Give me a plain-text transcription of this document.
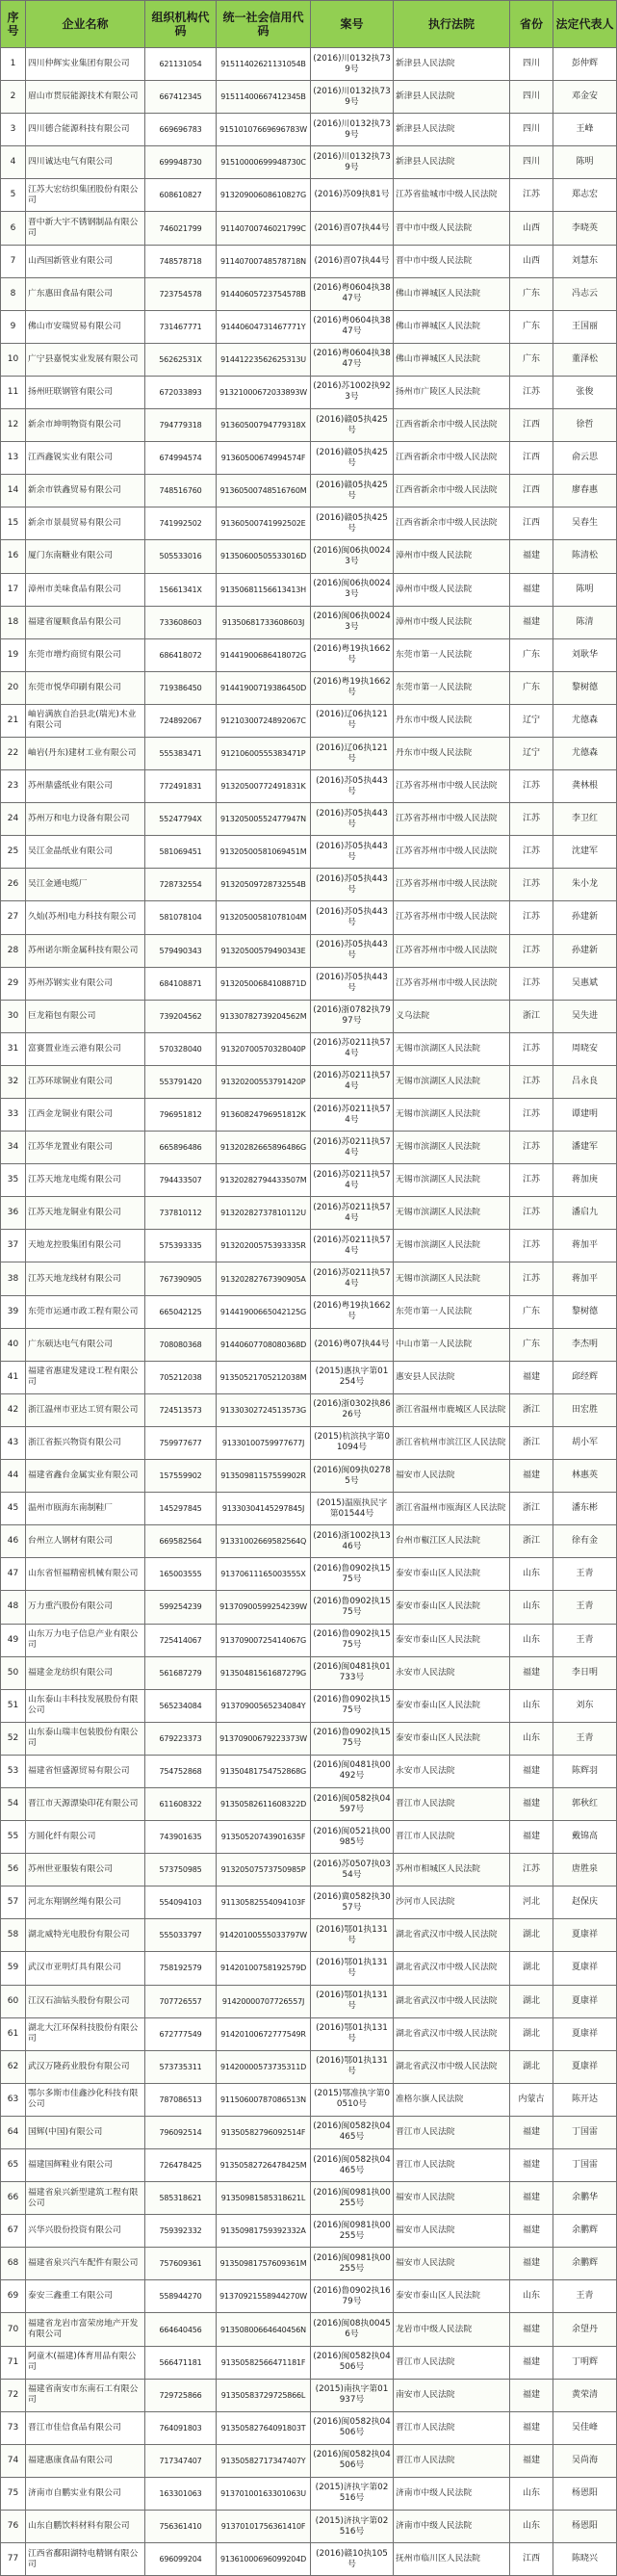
序号	企业名称	组织机构代码	统一社会信用代码	案号	执行法院	省份	法定代表人
1	四川仲辉实业集团有限公司	621131054	91511402621131054B	(2016)川0132执739号	新津县人民法院	四川	彭仲辉
2	眉山市贯辰能源技术有限公司	667412345	91511400667412345B	(2016)川0132执739号	新津县人民法院	四川	邓金安
3	四川德合能源科技有限公司	669696783	91510107669696783W	(2016)川0132执739号	新津县人民法院	四川	王峰
4	四川诚达电气有限公司	699948730	91510000699948730C	(2016)川0132执739号	新津县人民法院	四川	陈明
5	江苏大宏纺织集团股份有限公司	608610827	91320900608610827G	(2016)苏09执81号	江苏省盐城市中级人民法院	江苏	郑志宏
6	晋中新大宇不锈钢制品有限公司	746021799	91140700746021799C	(2016)晋07执44号	晋中市中级人民法院	山西	李晓英
7	山西国新管业有限公司	748578718	91140700748578718N	(2016)晋07执44号	晋中市中级人民法院	山西	刘慧东
8	广东惠田食品有限公司	723754578	91440605723754578B	(2016)粤0604执3847号	佛山市禅城区人民法院	广东	冯志云
9	佛山市安瑞贸易有限公司	731467771	91440604731467771Y	(2016)粤0604执3847号	佛山市禅城区人民法院	广东	王国丽
10	广宁县嘉悦实业发展有限公司	56262531X	91441223562625313U	(2016)粤0604执3847号	佛山市禅城区人民法院	广东	董泽松
11	扬州旺联钢管有限公司	672033893	91321000672033893W	(2016)苏1002执923号	扬州市广陵区人民法院	江苏	张俊
12	新余市坤明物资有限公司	794779318	91360500794779318X	(2016)赣05执425号	江西省新余市中级人民法院	江西	徐哲
13	江西鑫锐实业有限公司	674994574	91360500674994574F	(2016)赣05执425号	江西省新余市中级人民法院	江西	俞云思
14	新余市铁鑫贸易有限公司	748516760	91360500748516760M	(2016)赣05执425号	江西省新余市中级人民法院	江西	廖春惠
15	新余市景晨贸易有限公司	741992502	91360500741992502E	(2016)赣05执425号	江西省新余市中级人民法院	江西	吴春生
16	厦门东南糖业有限公司	505533016	91350600505533016D	(2016)闽06执00243号	漳州市中级人民法院	福建	陈清松
17	漳州市美味食品有限公司	15661341X	91350681156613413H	(2016)闽06执00243号	漳州市中级人民法院	福建	陈明
18	福建省厦顺食品有限公司	733608603	91350681733608603J	(2016)闽06执00243号	漳州市中级人民法院	福建	陈清
19	东莞市增灼商贸有限公司	686418072	91441900686418072G	(2016)粤19执1662号	东莞市第一人民法院	广东	刘耿华
20	东莞市悦华印刷有限公司	719386450	91441900719386450D	(2016)粤19执1662号	东莞市第一人民法院	广东	黎树德
21	岫岩满族自治县北(瑞光)木业有限公司	724892067	91210300724892067C	(2016)辽06执121号	丹东市中级人民法院	辽宁	尤德森
22	岫岩(丹东)建材工业有限公司	555383471	91210600555383471P	(2016)辽06执121号	丹东市中级人民法院	辽宁	尤德森
23	苏州鼎盛纸业有限公司	772491831	91320500772491831K	(2016)苏05执443号	江苏省苏州市中级人民法院	江苏	龚林根
24	苏州万和电力设备有限公司	55247794X	91320500552477947N	(2016)苏05执443号	江苏省苏州市中级人民法院	江苏	李卫红
25	吴江金晶纸业有限公司	581069451	91320500581069451M	(2016)苏05执443号	江苏省苏州市中级人民法院	江苏	沈建军
26	吴江金通电缆厂	728732554	91320509728732554B	(2016)苏05执443号	江苏省苏州市中级人民法院	江苏	朱小龙
27	久灿(苏州)电力科技有限公司	581078104	91320500581078104M	(2016)苏05执443号	江苏省苏州市中级人民法院	江苏	孙建新
28	苏州诺尔斯金属科技有限公司	579490343	91320500579490343E	(2016)苏05执443号	江苏省苏州市中级人民法院	江苏	孙建新
29	苏州苏钢实业有限公司	684108871	91320500684108871D	(2016)苏05执443号	江苏省苏州市中级人民法院	江苏	吴惠斌
30	巨龙箱包有限公司	739204562	91330782739204562M	(2016)浙0782执7997号	义乌法院	浙江	吴失进
31	富赛置业连云港有限公司	570328040	91320700570328040P	(2016)苏0211执574号	无锡市滨湖区人民法院	江苏	周晓安
32	江苏环球铜业有限公司	553791420	91320200553791420P	(2016)苏0211执574号	无锡市滨湖区人民法院	江苏	吕永良
33	江西金龙铜业有限公司	796951812	91360824796951812K	(2016)苏0211执574号	无锡市滨湖区人民法院	江苏	谭建明
34	江苏华龙置业有限公司	665896486	91320282665896486G	(2016)苏0211执574号	无锡市滨湖区人民法院	江苏	潘建军
35	江苏天地龙电缆有限公司	794433507	91320282794433507M	(2016)苏0211执574号	无锡市滨湖区人民法院	江苏	蒋加庚
36	江苏天地龙铜业有限公司	737810112	91320282737810112U	(2016)苏0211执574号	无锡市滨湖区人民法院	江苏	潘启九
37	天地龙控股集团有限公司	575393335	91320200575393335R	(2016)苏0211执574号	无锡市滨湖区人民法院	江苏	蒋加平
38	江苏天地龙线材有限公司	767390905	91320282767390905A	(2016)苏0211执574号	无锡市滨湖区人民法院	江苏	蒋加平
39	东莞市运通市政工程有限公司	665042125	91441900665042125G	(2016)粤19执1662号	东莞市第一人民法院	广东	黎树德
40	广东硕达电气有限公司	708080368	91440607708080368D	(2016)粤07执44号	中山市第一人民法院	广东	李杰明
41	福建省惠建发建设工程有限公司	705212038	91350521705212038M	(2015)惠执字第01254号	惠安县人民法院	福建	邱经辉
42	浙江温州市亚达工贸有限公司	724513573	91330302724513573G	(2016)浙0302执8626号	浙江省温州市鹿城区人民法院	浙江	田宏胜
43	浙江省振兴物资有限公司	759977677	91330100759977677J	(2015)杭滨执字第01094号	浙江省杭州市滨江区人民法院	浙江	胡小军
44	福建省鑫台金属实业有限公司	157559902	91350981157559902R	(2016)闽09执02785号	福安市人民法院	福建	林惠英
45	温州市瓯海东南制鞋厂	145297845	91330304145297845J	(2015)温瓯执民字第01544号	浙江省温州市瓯海区人民法院	浙江	潘东彬
46	台州立人钢材有限公司	669582564	91331002669582564Q	(2016)浙1002执1346号	台州市椒江区人民法院	浙江	徐有金
47	山东省恒福精密机械有限公司	165003555	91370611165003555X	(2016)鲁0902执1575号	泰安市泰山区人民法院	山东	王青
48	万力重汽股份有限公司	599254239	91370900599254239W	(2016)鲁0902执1575号	泰安市泰山区人民法院	山东	王青
49	山东万力电子信息产业有限公司	725414067	91370900725414067G	(2016)鲁0902执1575号	泰安市泰山区人民法院	山东	王青
50	福建金龙纺织有限公司	561687279	91350481561687279G	(2016)闽0481执01733号	永安市人民法院	福建	李日明
51	山东泰山丰科技发展股份有限公司	565234084	91370900565234084Y	(2016)鲁0902执1575号	泰安市泰山区人民法院	山东	刘东
52	山东泰山瑞丰包装股份有限公司	679223373	91370900679223373W	(2016)鲁0902执1575号	泰安市泰山区人民法院	山东	王青
53	福建省恒盛源贸易有限公司	754752868	91350481754752868G	(2016)闽0481执00492号	永安市人民法院	福建	陈辉羽
54	晋江市天源漂染印花有限公司	611608322	91350582611608322D	(2016)闽0582执04597号	晋江市人民法院	福建	郭秋红
55	方圆化纤有限公司	743901635	91350520743901635F	(2016)闽0521执00985号	晋江市人民法院	福建	戴锦高
56	苏州世亚服装有限公司	573750985	91320507573750985P	(2016)苏0507执0354号	苏州市相城区人民法院	江苏	唐胜泉
57	河北东翔钢丝绳有限公司	554094103	91130582554094103F	(2016)冀0582执3057号	沙河市人民法院	河北	赵保庆
58	湖北威特光电股份有限公司	555033797	91420100555033797W	(2016)鄂01执131号	湖北省武汉市中级人民法院	湖北	夏康祥
59	武汉市亚明灯具有限公司	758192579	91420100758192579D	(2016)鄂01执131号	湖北省武汉市中级人民法院	湖北	夏康祥
60	江汉石油钻头股份有限公司	707726557	91420000707726557J	(2016)鄂01执131号	湖北省武汉市中级人民法院	湖北	夏康祥
61	湖北大江环保科技股份有限公司	672777549	91420100672777549R	(2016)鄂01执131号	湖北省武汉市中级人民法院	湖北	夏康祥
62	武汉万隆药业股份有限公司	573735311	91420000573735311D	(2016)鄂01执131号	湖北省武汉市中级人民法院	湖北	夏康祥
63	鄂尔多斯市佳鑫沙化科技有限公司	787086513	91150600787086513N	(2015)鄂准执字第00510号	准格尔旗人民法院	内蒙古	陈开达
64	国辉(中国)有限公司	796092514	91350582796092514F	(2016)闽0582执04465号	晋江市人民法院	福建	丁国雷
65	福建国辉鞋业有限公司	726478425	91350582726478425M	(2016)闽0582执04465号	晋江市人民法院	福建	丁国雷
66	福建省泉兴新型建筑工程有限公司	585318621	91350981585318621L	(2016)闽0981执00255号	福安市人民法院	福建	余鹏华
67	兴华兴股份投资有限公司	759392332	91350981759392332A	(2016)闽0981执00255号	福安市人民法院	福建	余鹏辉
68	福建省泉兴汽车配件有限公司	757609361	91350981757609361M	(2016)闽0981执00255号	福安市人民法院	福建	余鹏辉
69	泰安三鑫重工有限公司	558944270	91370921558944270W	(2016)鲁0902执1679号	泰安市泰山区人民法院	山东	王青
70	福建省龙岩市富荣房地产开发有限公司	664640456	91350800664640456N	(2016)闽08执00456号	龙岩市中级人民法院	福建	余望丹
71	阿童木(福建)体育用品有限公司	566471181	91350582566471181F	(2016)闽0582执04506号	晋江市人民法院	福建	丁明辉
72	福建省南安市东南石工有限公司	729725866	91350583729725866L	(2015)南执字第01937号	南安市人民法院	福建	黄荣清
73	晋江市佳信食品有限公司	764091803	91350582764091803T	(2016)闽0582执04506号	晋江市人民法院	福建	吴佳峰
74	福建惠康食品有限公司	717347407	91350582717347407Y	(2016)闽0582执04506号	晋江市人民法院	福建	吴尚海
75	济南市自鹏实业有限公司	163301063	91370100163301063U	(2015)济执字第02516号	济南市中级人民法院	山东	杨恩阳
76	山东自鹏饮料材料有限公司	756361410	91370101756361410F	(2015)济执字第02516号	济南市中级人民法院	山东	杨恩阳
77	江西省鄱阳湖特电精钢有限公司	696099204	91361000696099204D	(2016)赣10执105号	抚州市临川区人民法院	江西	陈晓兴
